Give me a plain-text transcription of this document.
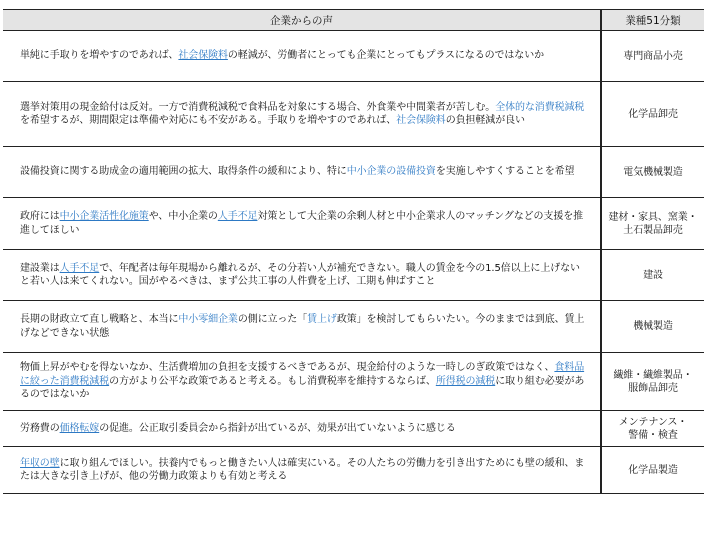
企業からの声	業種51分類
単純に手取りを増やすのであれば、社会保険料の軽減が、労働者にとっても企業にとってもプラスになるのではないか	専門商品小売
選挙対策用の現金給付は反対。一方で消費税減税で食料品を対象にする場合、外食業や中間業者が苦しむ。全体的な消費税減税を希望するが、期間限定は準備や対応にも不安がある。手取りを増やすのであれば、社会保険料の負担軽減が良い	化学品卸売
設備投資に関する助成金の適用範囲の拡大、取得条件の緩和により、特に中小企業の設備投資を実施しやすくすることを希望	電気機械製造
政府には中小企業活性化施策や、中小企業の人手不足対策として大企業の余剰人材と中小企業求人のマッチングなどの支援を推進してほしい	建材・家具、窯業・
土石製品卸売
建設業は人手不足で、年配者は毎年現場から離れるが、その分若い人が補充できない。職人の賃金を今の1.5倍以上に上げないと若い人は来てくれない。国がやるべきは、まず公共工事の人件費を上げ、工期も伸ばすこと	建設
長期の財政立て直し戦略と、本当に中小零細企業の側に立った「賃上げ政策」を検討してもらいたい。今のままでは到底、賃上げなどできない状態	機械製造
物価上昇がやむを得ないなか、生活費増加の負担を支援するべきであるが、現金給付のような一時しのぎ政策ではなく、食料品に絞った消費税減税の方がより公平な政策であると考える。もし消費税率を維持するならば、所得税の減税に取り組む必要があるのではないか	繊維・繊維製品・
服飾品卸売
労務費の価格転嫁の促進。公正取引委員会から指針が出ているが、効果が出ていないように感じる	メンテナンス・
警備・検査
年収の壁に取り組んでほしい。扶養内でもっと働きたい人は確実にいる。その人たちの労働力を引き出すためにも壁の緩和、または大きな引き上げが、他の労働力政策よりも有効と考える	化学品製造
